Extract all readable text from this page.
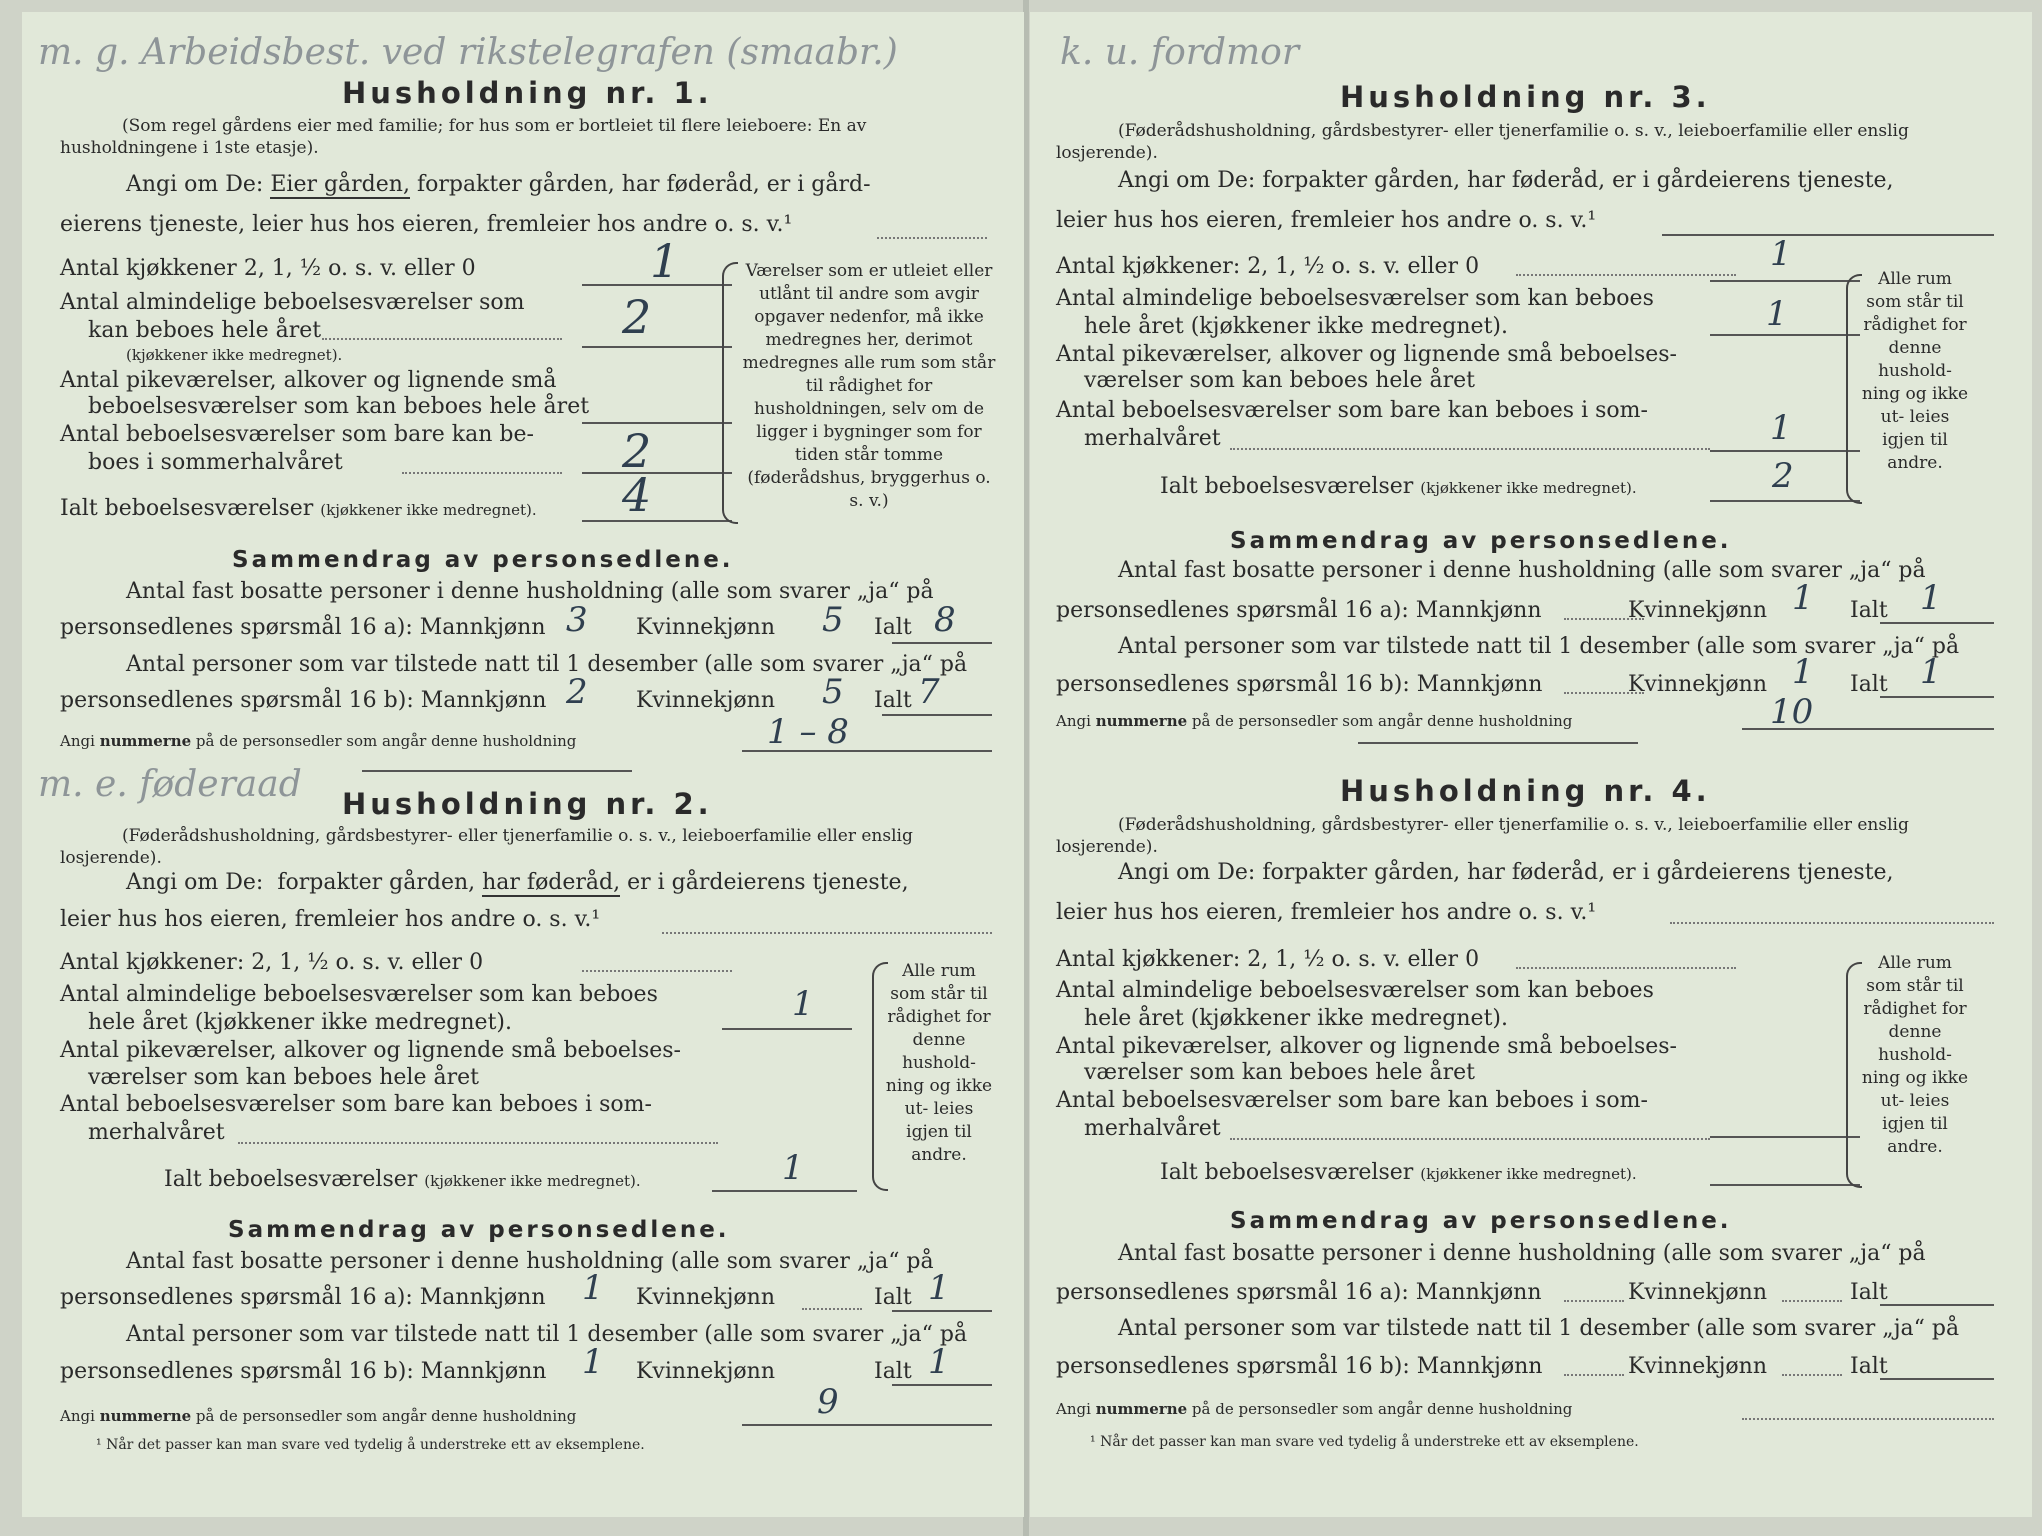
m. g. Arbeidsbest. ved rikstelegrafen (smaabr.)
Husholdning nr. 1.
(Som regel gårdens eier med familie; for hus som er bortleiet til flere leieboere: En av husholdningene i 1ste etasje).
Angi om De: Eier gården, forpakter gården, har føderåd, er i gård-
eierens tjeneste, leier hus hos eieren, fremleier hos andre o. s. v.¹
Antal kjøkkener 2, 1, ½ o. s. v. eller 0	1
Antal almindelige beboelsesværelser som
kan beboes hele året
(kjøkkener ikke medregnet).
2
Antal pikeværelser, alkover og lignende små
beboelsesværelser som kan beboes hele året
Antal beboelsesværelser som bare kan be-
boes i sommerhalvåret	2
Ialt beboelsesværelser (kjøkkener ikke medregnet). 4
Værelser som er utleiet eller utlånt til andre som avgir opgaver nedenfor, må ikke medregnes her, derimot medregnes alle rum som står til rådighet for husholdningen, selv om de ligger i bygninger som for tiden står tomme (føderådshus, bryggerhus o. s. v.)
Sammendrag av personsedlene.
Antal fast bosatte personer i denne husholdning (alle som svarer „ja“ på
personsedlenes spørsmål 16 a): Mannkjønn 3 Kvinnekjønn 5 Ialt 8
Antal personer som var tilstede natt til 1 desember (alle som svarer „ja“ på
personsedlenes spørsmål 16 b): Mannkjønn 2 Kvinnekjønn 5 Ialt 7
Angi nummerne på de personsedler som angår denne husholdning	1 – 8
m. e. føderaad Husholdning nr. 2.
(Føderådshusholdning, gårdsbestyrer- eller tjenerfamilie o. s. v., leieboerfamilie eller enslig losjerende).
Angi om De:  forpakter gården, har føderåd, er i gårdeierens tjeneste,
leier hus hos eieren, fremleier hos andre o. s. v.¹
Antal kjøkkener: 2, 1, ½ o. s. v. eller 0
Antal almindelige beboelsesværelser som kan beboes
hele året (kjøkkener ikke medregnet).	1
Antal pikeværelser, alkover og lignende små beboelses-
værelser som kan beboes hele året
Antal beboelsesværelser som bare kan beboes i som-
merhalvåret
Ialt beboelsesværelser (kjøkkener ikke medregnet).	1
Alle rum som står til rådighet for denne hushold- ning og ikke ut- leies igjen til andre.
Sammendrag av personsedlene.
Antal fast bosatte personer i denne husholdning (alle som svarer „ja“ på
personsedlenes spørsmål 16 a): Mannkjønn 1 Kvinnekjønn	Ialt 1
Antal personer som var tilstede natt til 1 desember (alle som svarer „ja“ på
personsedlenes spørsmål 16 b): Mannkjønn 1 Kvinnekjønn	Ialt 1
Angi nummerne på de personsedler som angår denne husholdning	9
¹ Når det passer kan man svare ved tydelig å understreke ett av eksemplene.
k. u. fordmor
Husholdning nr. 3.
(Føderådshusholdning, gårdsbestyrer- eller tjenerfamilie o. s. v., leieboerfamilie eller enslig losjerende).
Angi om De: forpakter gården, har føderåd, er i gårdeierens tjeneste,
leier hus hos eieren, fremleier hos andre o. s. v.¹
Antal kjøkkener: 2, 1, ½ o. s. v. eller 0	1
Antal almindelige beboelsesværelser som kan beboes
hele året (kjøkkener ikke medregnet).	1
Antal pikeværelser, alkover og lignende små beboelses-
værelser som kan beboes hele året
Antal beboelsesværelser som bare kan beboes i som-
merhalvåret	1
Ialt beboelsesværelser (kjøkkener ikke medregnet).	2
Alle rum som står til rådighet for denne hushold- ning og ikke ut- leies igjen til andre.
Sammendrag av personsedlene.
Antal fast bosatte personer i denne husholdning (alle som svarer „ja“ på
personsedlenes spørsmål 16 a): Mannkjønn	Kvinnekjønn 1 Ialt 1
Antal personer som var tilstede natt til 1 desember (alle som svarer „ja“ på
personsedlenes spørsmål 16 b): Mannkjønn	Kvinnekjønn 1 Ialt 1
Angi nummerne på de personsedler som angår denne husholdning	10
Husholdning nr. 4.
(Føderådshusholdning, gårdsbestyrer- eller tjenerfamilie o. s. v., leieboerfamilie eller enslig losjerende).
Angi om De: forpakter gården, har føderåd, er i gårdeierens tjeneste,
leier hus hos eieren, fremleier hos andre o. s. v.¹
Antal kjøkkener: 2, 1, ½ o. s. v. eller 0
Antal almindelige beboelsesværelser som kan beboes
hele året (kjøkkener ikke medregnet).
Antal pikeværelser, alkover og lignende små beboelses-
værelser som kan beboes hele året
Antal beboelsesværelser som bare kan beboes i som-
merhalvåret
Ialt beboelsesværelser (kjøkkener ikke medregnet).
Alle rum som står til rådighet for denne hushold- ning og ikke ut- leies igjen til andre.
Sammendrag av personsedlene.
Antal fast bosatte personer i denne husholdning (alle som svarer „ja“ på
personsedlenes spørsmål 16 a): Mannkjønn	Kvinnekjønn	Ialt
Antal personer som var tilstede natt til 1 desember (alle som svarer „ja“ på
personsedlenes spørsmål 16 b): Mannkjønn	Kvinnekjønn	Ialt
Angi nummerne på de personsedler som angår denne husholdning
¹ Når det passer kan man svare ved tydelig å understreke ett av eksemplene.
